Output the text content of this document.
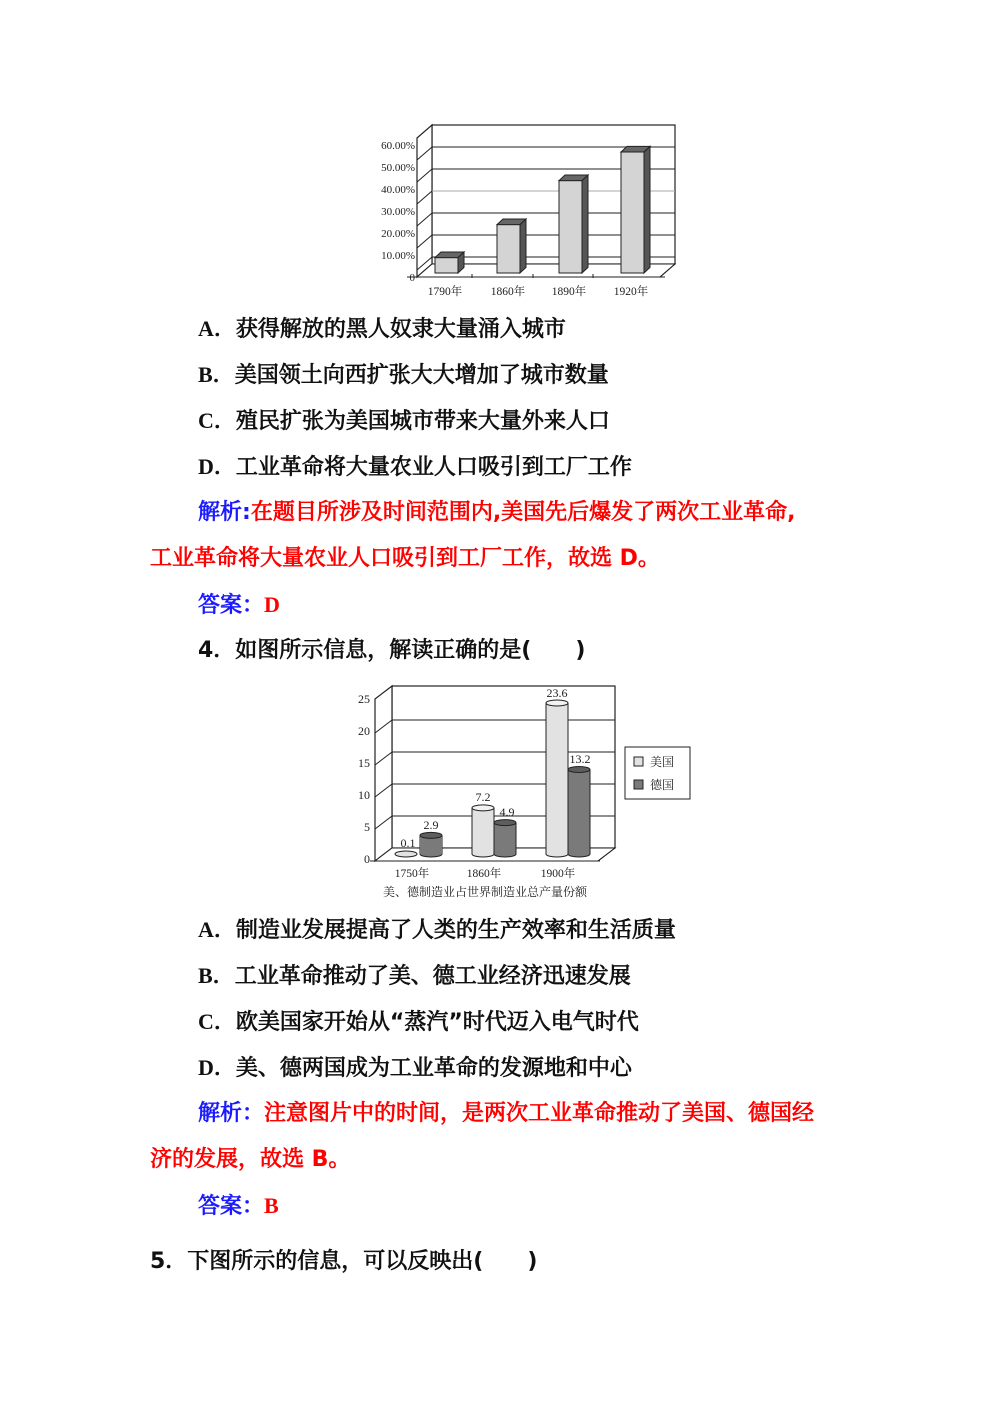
0
10.00%
20.00%
30.00%
40.00%
50.00%
60.00%
1790年 1860年 1890年 1920年
A．获得解放的黑人奴隶大量涌入城市
B．美国领土向西扩张大大增加了城市数量
C．殖民扩张为美国城市带来大量外来人口
D．工业革命将大量农业人口吸引到工厂工作
解析:在题目所涉及时间范围内,美国先后爆发了两次工业革命,
工业革命将大量农业人口吸引到工厂工作，故选 D。
答案：D
4．如图所示信息，解读正确的是(　　)
0
5
10
15
20
25
0.1
2.9
7.2
4.9
23.6
13.2
1750年	1860年	1900年
美、德制造业占世界制造业总产量份额
美国
德国
A．制造业发展提高了人类的生产效率和生活质量
B．工业革命推动了美、德工业经济迅速发展
C．欧美国家开始从“蒸汽”时代迈入电气时代
D．美、德两国成为工业革命的发源地和中心
解析：注意图片中的时间，是两次工业革命推动了美国、德国经
济的发展，故选 B。
答案：B
5．下图所示的信息，可以反映出(　　)
